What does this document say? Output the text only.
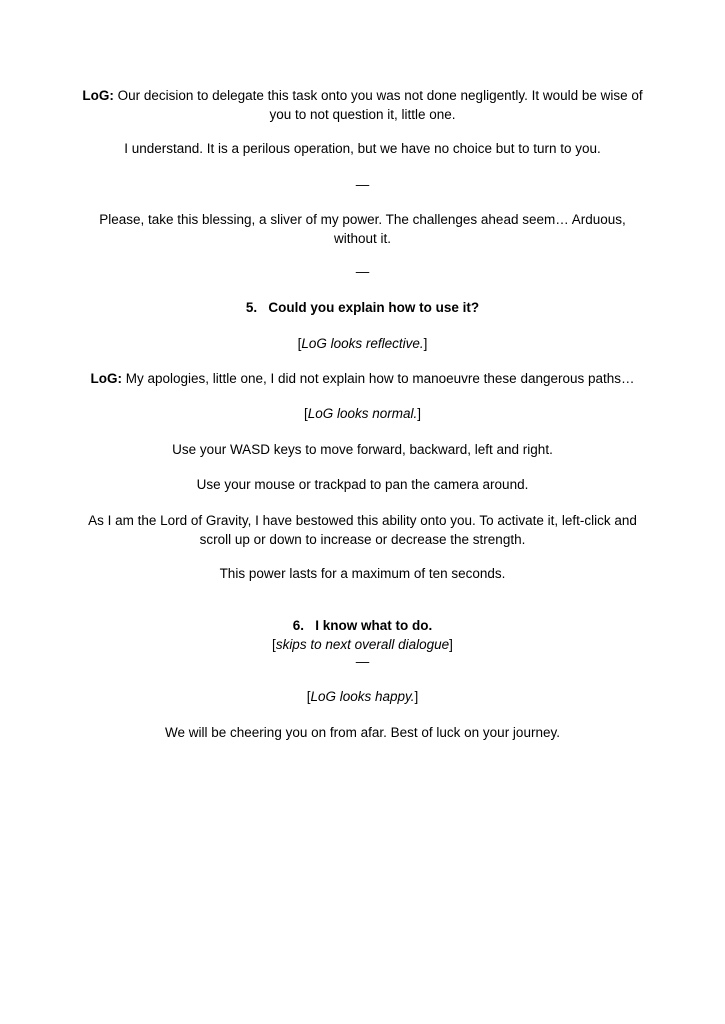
LoG: Our decision to delegate this task onto you was not done negligently. It would be wise of you to not question it, little one.

I understand. It is a perilous operation, but we have no choice but to turn to you.

—

Please, take this blessing, a sliver of my power. The challenges ahead seem… Arduous, without it.

—

5. Could you explain how to use it?

[LoG looks reflective.]

LoG: My apologies, little one, I did not explain how to manoeuvre these dangerous paths…

[LoG looks normal.]

Use your WASD keys to move forward, backward, left and right.

Use your mouse or trackpad to pan the camera around.

As I am the Lord of Gravity, I have bestowed this ability onto you. To activate it, left-click and scroll up or down to increase or decrease the strength.

This power lasts for a maximum of ten seconds.

6. I know what to do.

[skips to next overall dialogue]

—

[LoG looks happy.]

We will be cheering you on from afar. Best of luck on your journey.
